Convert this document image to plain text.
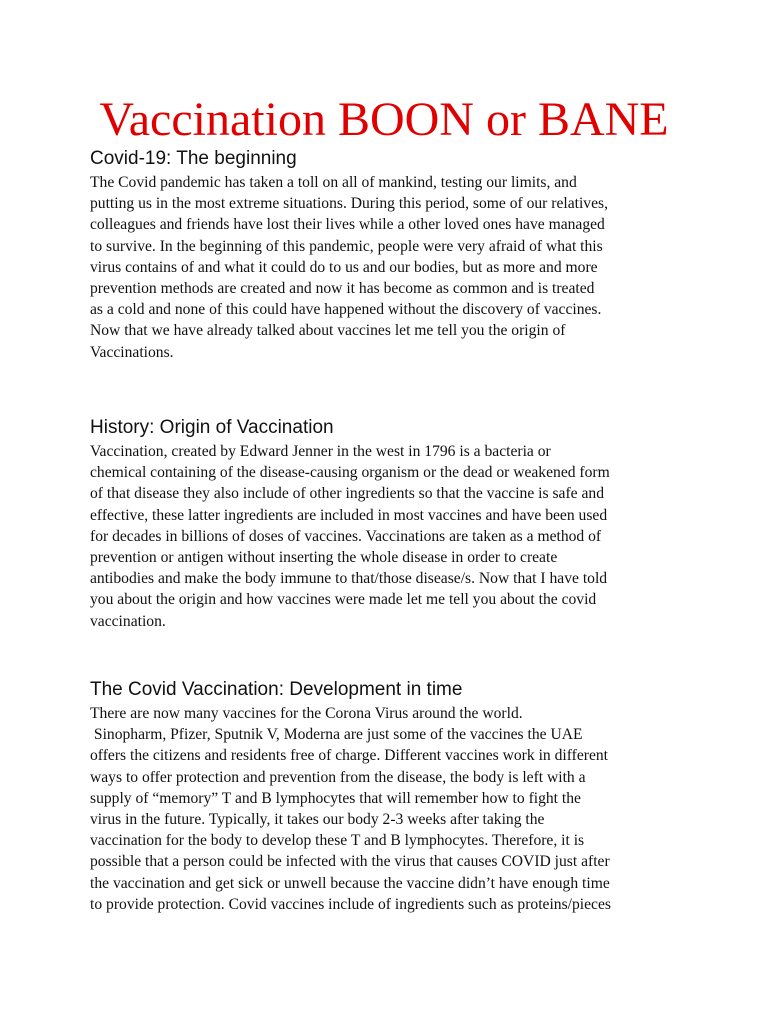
Vaccination BOON or BANE
Covid-19: The beginning
The Covid pandemic has taken a toll on all of mankind, testing our limits, and
putting us in the most extreme situations. During this period, some of our relatives,
colleagues and friends have lost their lives while a other loved ones have managed
to survive. In the beginning of this pandemic, people were very afraid of what this
virus contains of and what it could do to us and our bodies, but as more and more
prevention methods are created and now it has become as common and is treated
as a cold and none of this could have happened without the discovery of vaccines.
Now that we have already talked about vaccines let me tell you the origin of
Vaccinations.
History: Origin of Vaccination
Vaccination, created by Edward Jenner in the west in 1796 is a bacteria or
chemical containing of the disease-causing organism or the dead or weakened form
of that disease they also include of other ingredients so that the vaccine is safe and
effective, these latter ingredients are included in most vaccines and have been used
for decades in billions of doses of vaccines. Vaccinations are taken as a method of
prevention or antigen without inserting the whole disease in order to create
antibodies and make the body immune to that/those disease/s. Now that I have told
you about the origin and how vaccines were made let me tell you about the covid
vaccination.
The Covid Vaccination: Development in time
There are now many vaccines for the Corona Virus around the world.
Sinopharm, Pfizer, Sputnik V, Moderna are just some of the vaccines the UAE
offers the citizens and residents free of charge. Different vaccines work in different
ways to offer protection and prevention from the disease, the body is left with a
supply of “memory” T and B lymphocytes that will remember how to fight the
virus in the future. Typically, it takes our body 2-3 weeks after taking the
vaccination for the body to develop these T and B lymphocytes. Therefore, it is
possible that a person could be infected with the virus that causes COVID just after
the vaccination and get sick or unwell because the vaccine didn’t have enough time
to provide protection. Covid vaccines include of ingredients such as proteins/pieces
